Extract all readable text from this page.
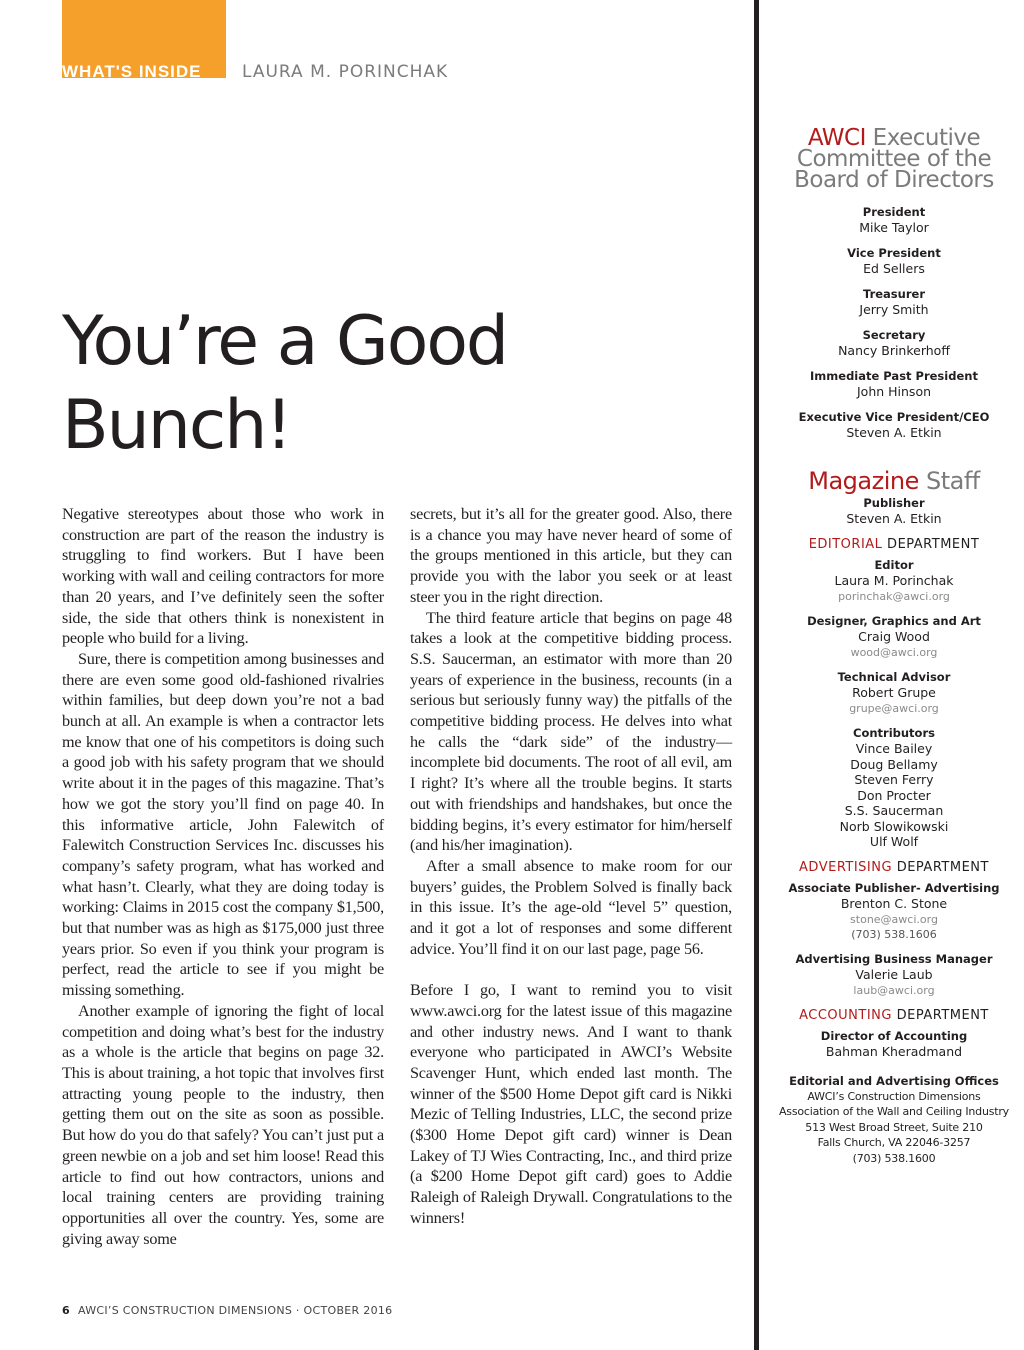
WHAT'S INSIDE	LAURA M. PORINCHAK
You’re a Good Bunch!

Negative stereotypes about those who work in construction are part of the reason the industry is struggling to find workers. But I have been working with wall and ceiling contractors for more than 20 years, and I’ve definitely seen the softer side, the side that others think is nonexistent in people who build for a living.

Sure, there is competition among businesses and there are even some good old-fashioned rivalries within families, but deep down you’re not a bad bunch at all. An example is when a contractor lets me know that one of his competitors is doing such a good job with his safety program that we should write about it in the pages of this magazine. That’s how we got the story you’ll find on page 40. In this informative article, John Falewitch of Falewitch Construction Services Inc. discusses his company’s safety program, what has worked and what hasn’t. Clearly, what they are doing today is working: Claims in 2015 cost the company $1,500, but that number was as high as $175,000 just three years prior. So even if you think your program is perfect, read the article to see if you might be missing something.

Another example of ignoring the fight of local competition and doing what’s best for the industry as a whole is the article that begins on page 32. This is about training, a hot topic that involves first attracting young people to the industry, then getting them out on the site as soon as possible. But how do you do that safely? You can’t just put a green newbie on a job and set him loose! Read this article to find out how contractors, unions and local training centers are providing training opportunities all over the country. Yes, some are giving away some

secrets, but it’s all for the greater good. Also, there is a chance you may have never heard of some of the groups mentioned in this article, but they can provide you with the labor you seek or at least steer you in the right direction.

The third feature article that begins on page 48 takes a look at the competitive bidding process. S.S. Saucerman, an estimator with more than 20 years of experience in the business, recounts (in a serious but seriously funny way) the pitfalls of the competitive bidding process. He delves into what he calls the “dark side” of the industry—incomplete bid documents. The root of all evil, am I right? It’s where all the trouble begins. It starts out with friendships and handshakes, but once the bidding begins, it’s every estimator for him/herself (and his/her imagination).

After a small absence to make room for our buyers’ guides, the Problem Solved is finally back in this issue. It’s the age-old “level 5” question, and it got a lot of responses and some different advice. You’ll find it on our last page, page 56.

Before I go, I want to remind you to visit www.awci.org for the latest issue of this magazine and other industry news. And I want to thank everyone who participated in AWCI’s Website Scavenger Hunt, which ended last month. The winner of the $500 Home Depot gift card is Nikki Mezic of Telling Industries, LLC, the second prize ($300 Home Depot gift card) winner is Dean Lakey of TJ Wies Contracting, Inc., and third prize (a $200 Home Depot gift card) goes to Addie Raleigh of Raleigh Drywall. Congratulations to the winners!

6 AWCI’S CONSTRUCTION DIMENSIONS · OCTOBER 2016
AWCI Executive
Committee of the
Board of Directors
President
Mike Taylor
Vice President
Ed Sellers
Treasurer
Jerry Smith
Secretary
Nancy Brinkerhoff
Immediate Past President
John Hinson
Executive Vice President/CEO
Steven A. Etkin
Magazine Staff
Publisher
Steven A. Etkin
EDITORIAL DEPARTMENT
Editor
Laura M. Porinchak
porinchak@awci.org
Designer, Graphics and Art
Craig Wood
wood@awci.org
Technical Advisor
Robert Grupe
grupe@awci.org
Contributors
Vince Bailey
Doug Bellamy
Steven Ferry
Don Procter
S.S. Saucerman
Norb Slowikowski
Ulf Wolf
ADVERTISING DEPARTMENT
Associate Publisher- Advertising
Brenton C. Stone
stone@awci.org
(703) 538.1606
Advertising Business Manager
Valerie Laub
laub@awci.org
ACCOUNTING DEPARTMENT
Director of Accounting
Bahman Kheradmand
Editorial and Advertising Offices
AWCI’s Construction Dimensions
Association of the Wall and Ceiling Industry
513 West Broad Street, Suite 210
Falls Church, VA 22046-3257
(703) 538.1600
